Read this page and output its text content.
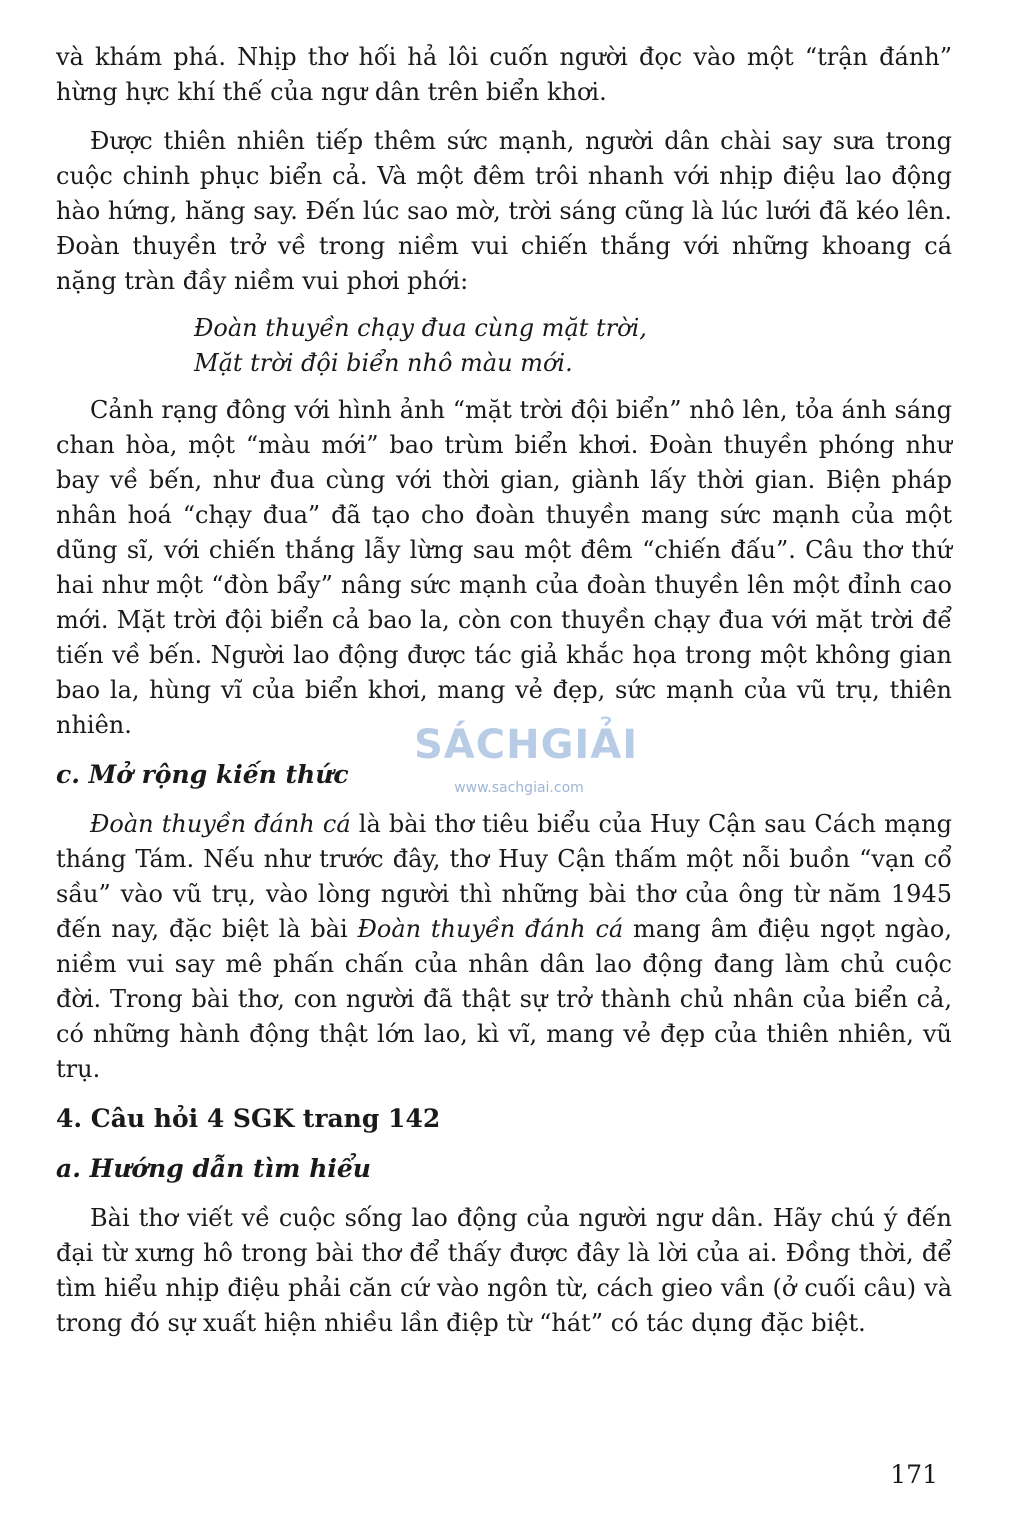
và khám phá. Nhịp thơ hối hả lôi cuốn người đọc vào một “trận đánh” hừng hực khí thế của ngư dân trên biển khơi.

Được thiên nhiên tiếp thêm sức mạnh, người dân chài say sưa trong cuộc chinh phục biển cả. Và một đêm trôi nhanh với nhịp điệu lao động hào hứng, hăng say. Đến lúc sao mờ, trời sáng cũng là lúc lưới đã kéo lên. Đoàn thuyền trở về trong niềm vui chiến thắng với những khoang cá nặng tràn đầy niềm vui phơi phới:

Đoàn thuyền chạy đua cùng mặt trời,
Mặt trời đội biển nhô màu mới.

Cảnh rạng đông với hình ảnh “mặt trời đội biển” nhô lên, tỏa ánh sáng chan hòa, một “màu mới” bao trùm biển khơi. Đoàn thuyền phóng như bay về bến, như đua cùng với thời gian, giành lấy thời gian. Biện pháp nhân hoá “chạy đua” đã tạo cho đoàn thuyền mang sức mạnh của một dũng sĩ, với chiến thắng lẫy lừng sau một đêm “chiến đấu”. Câu thơ thứ hai như một “đòn bẩy” nâng sức mạnh của đoàn thuyền lên một đỉnh cao mới. Mặt trời đội biển cả bao la, còn con thuyền chạy đua với mặt trời để tiến về bến. Người lao động được tác giả khắc họa trong một không gian bao la, hùng vĩ của biển khơi, mang vẻ đẹp, sức mạnh của vũ trụ, thiên nhiên.

c. Mở rộng kiến thức

Đoàn thuyền đánh cá là bài thơ tiêu biểu của Huy Cận sau Cách mạng tháng Tám. Nếu như trước đây, thơ Huy Cận thấm một nỗi buồn “vạn cổ sầu” vào vũ trụ, vào lòng người thì những bài thơ của ông từ năm 1945 đến nay, đặc biệt là bài Đoàn thuyền đánh cá mang âm điệu ngọt ngào, niềm vui say mê phấn chấn của nhân dân lao động đang làm chủ cuộc đời. Trong bài thơ, con người đã thật sự trở thành chủ nhân của biển cả, có những hành động thật lớn lao, kì vĩ, mang vẻ đẹp của thiên nhiên, vũ trụ.

4. Câu hỏi 4 SGK trang 142
a. Hướng dẫn tìm hiểu

Bài thơ viết về cuộc sống lao động của người ngư dân. Hãy chú ý đến đại từ xưng hô trong bài thơ để thấy được đây là lời của ai. Đồng thời, để tìm hiểu nhịp điệu phải căn cứ vào ngôn từ, cách gieo vần (ở cuối câu) và trong đó sự xuất hiện nhiều lần điệp từ “hát” có tác dụng đặc biệt.

SÁCHGIẢI
www.sachgiai.com
171
